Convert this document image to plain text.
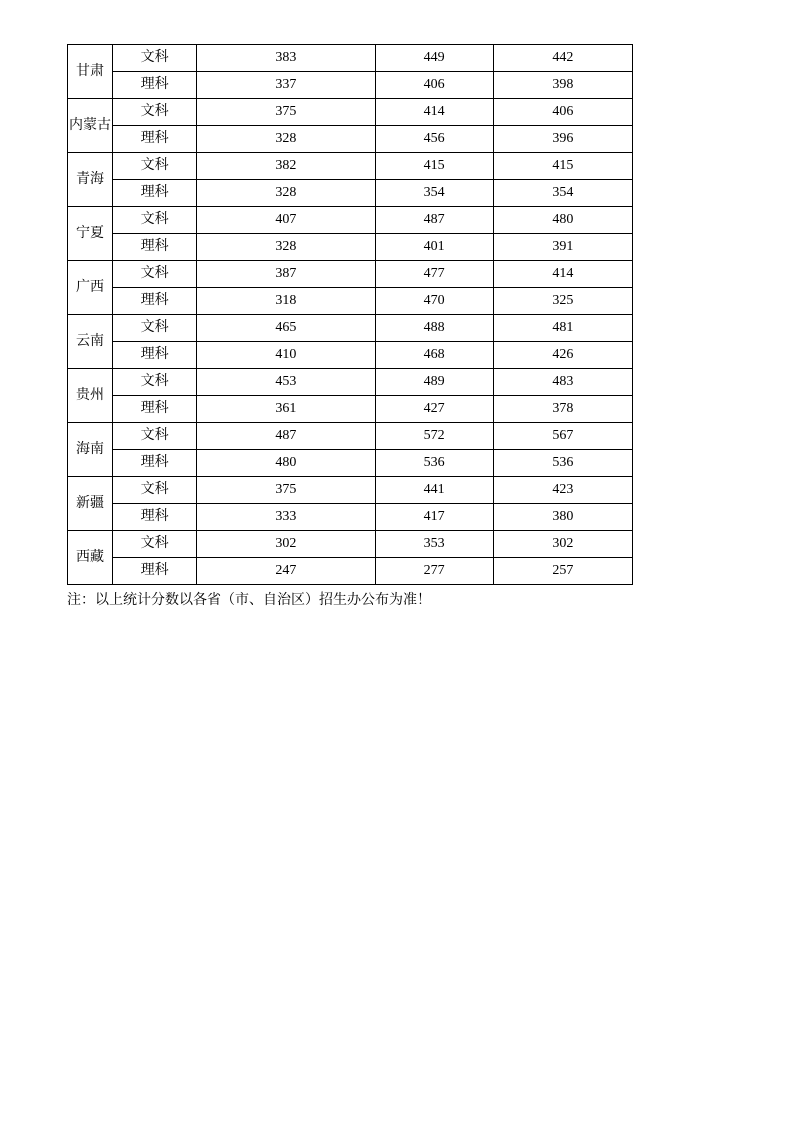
甘肃	文科	383	449	442
	理科	337	406	398
内蒙古	文科	375	414	406
	理科	328	456	396
青海	文科	382	415	415
	理科	328	354	354
宁夏	文科	407	487	480
	理科	328	401	391
广西	文科	387	477	414
	理科	318	470	325
云南	文科	465	488	481
	理科	410	468	426
贵州	文科	453	489	483
	理科	361	427	378
海南	文科	487	572	567
	理科	480	536	536
新疆	文科	375	441	423
	理科	333	417	380
西藏	文科	302	353	302
	理科	247	277	257
注：以上统计分数以各省（市、自治区）招生办公布为准！
